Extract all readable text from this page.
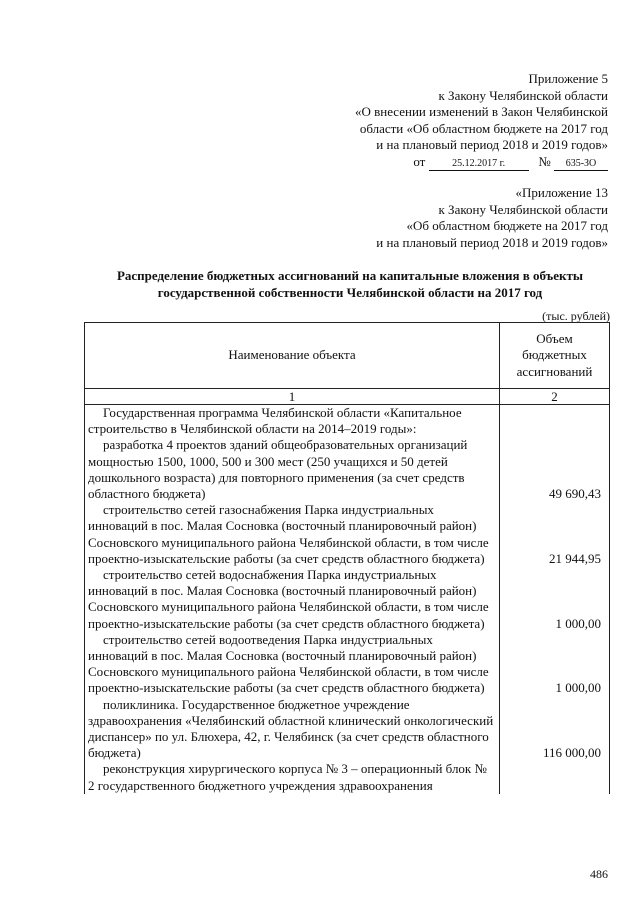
Приложение 5
к Закону Челябинской области
«О внесении изменений в Закон Челябинской
области «Об областном бюджете на 2017 год
и на плановый период 2018 и 2019 годов»
от	25.12.2017 г.	№ 635-ЗО
«Приложение 13
к Закону Челябинской области
«Об областном бюджете на 2017 год
и на плановый период 2018 и 2019 годов»
Распределение бюджетных ассигнований на капитальные вложения в объекты
государственной собственности Челябинской области на 2017 год
(тыс. рублей)
Наименование объекта	Объем бюджетных ассигнований
1	2
Государственная программа Челябинской области «Капитальное строительство в Челябинской области на 2014–2019 годы»:	
разработка 4 проектов зданий общеобразовательных организаций мощностью 1500, 1000, 500 и 300 мест (250 учащихся и 50 детей дошкольного возраста) для повторного применения (за счет средств областного бюджета)	49 690,43
строительство сетей газоснабжения Парка индустриальных инноваций в пос. Малая Сосновка (восточный планировочный район) Сосновского муниципального района Челябинской области, в том числе проектно-изыскательские работы (за счет средств областного бюджета)	21 944,95
строительство сетей водоснабжения Парка индустриальных инноваций в пос. Малая Сосновка (восточный планировочный район) Сосновского муниципального района Челябинской области, в том числе проектно-изыскательские работы (за счет средств областного бюджета)	1 000,00
строительство сетей водоотведения Парка индустриальных инноваций в пос. Малая Сосновка (восточный планировочный район) Сосновского муниципального района Челябинской области, в том числе проектно-изыскательские работы (за счет средств областного бюджета)	1 000,00
поликлиника. Государственное бюджетное учреждение здравоохранения «Челябинский областной клинический онкологический диспансер» по ул. Блюхера, 42, г. Челябинск (за счет средств областного бюджета)	116 000,00
реконструкция хирургического корпуса № 3 – операционный блок № 2 государственного бюджетного учреждения здравоохранения	
486
